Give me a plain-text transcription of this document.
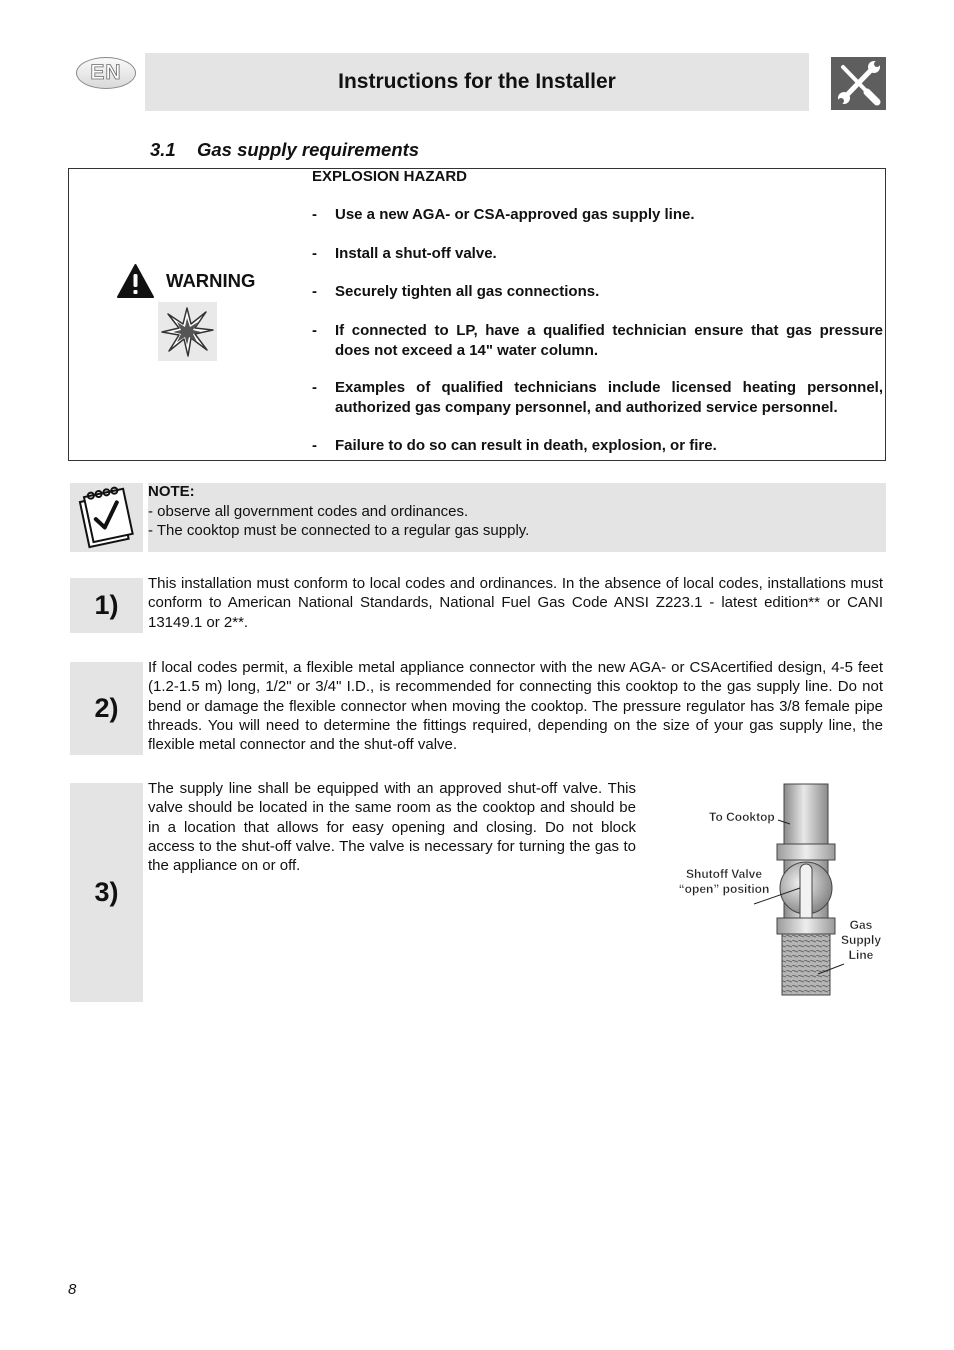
EN	Instructions for the Installer
3.1 Gas supply requirements
WARNING
EXPLOSION HAZARD
- Use a new AGA- or CSA-approved gas supply line.
- Install a shut-off valve.
- Securely tighten all gas connections.
- If connected to LP, have a qualified technician ensure that gas pressure does not exceed a 14" water column.
- Examples of qualified technicians include licensed heating personnel, authorized gas company personnel, and authorized service personnel.
- Failure to do so can result in death, explosion, or fire.
NOTE:
- observe all government codes and ordinances.
- The cooktop must be connected to a regular gas supply.
1)
This installation must conform to local codes and ordinances. In the absence of local codes, installations must conform to American National Standards, National Fuel Gas Code ANSI Z223.1 - latest edition** or CANI 13149.1 or 2**.
2)
If local codes permit, a flexible metal appliance connector with the new AGA- or CSAcertified design, 4-5 feet (1.2-1.5 m) long, 1/2" or 3/4" I.D., is recommended for connecting this cooktop to the gas supply line. Do not bend or damage the flexible connector when moving the cooktop. The pressure regulator has 3/8 female pipe threads. You will need to determine the fittings required, depending on the size of your gas supply line, the flexible metal connector and the shut-off valve.
3)
The supply line shall be equipped with an approved shut-off valve. This valve should be located in the same room as the cooktop and should be in a location that allows for easy opening and closing. Do not block access to the shut-off valve. The valve is necessary for turning the gas to the appliance on or off.
To Cooktop
Shutoff Valve
“open” position
Gas
Supply
Line
8
